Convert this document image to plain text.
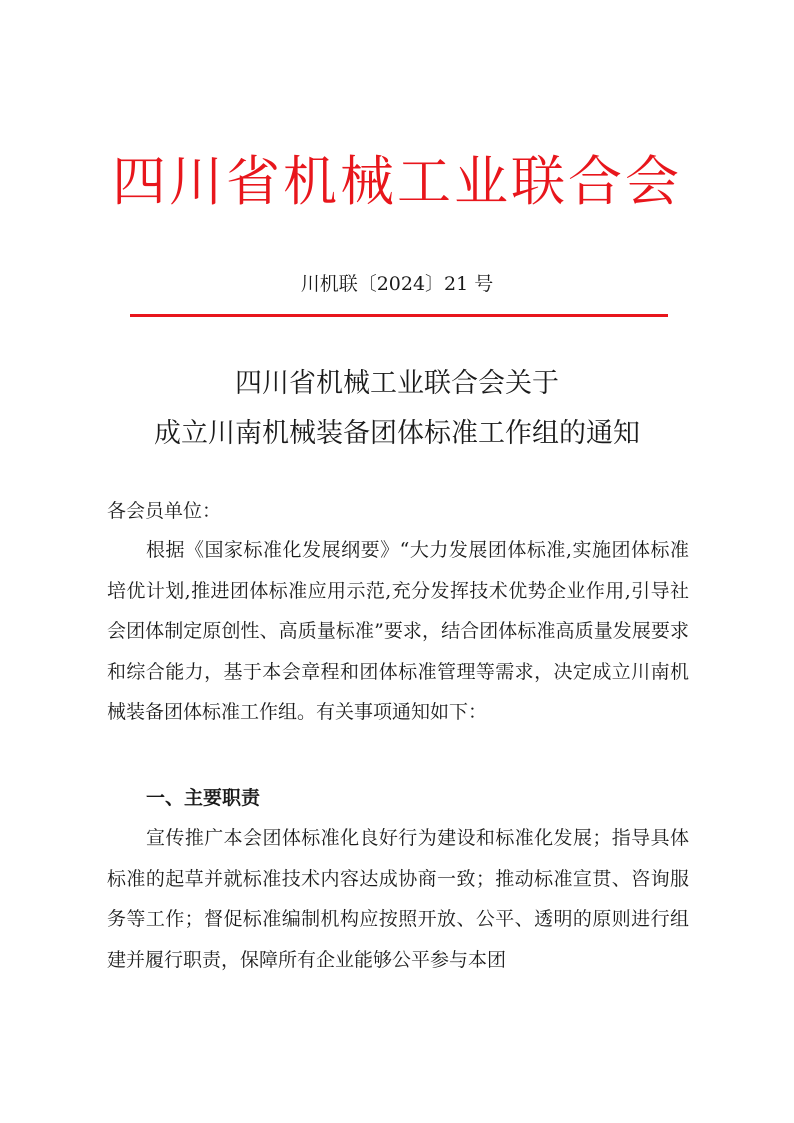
四川省机械工业联合会
川机联〔2024〕21 号
四川省机械工业联合会关于
成立川南机械装备团体标准工作组的通知
各会员单位：
根据《国家标准化发展纲要》“大力发展团体标准,实施团体标准培优计划,推进团体标准应用示范,充分发挥技术优势企业作用,引导社会团体制定原创性、高质量标准”要求，结合团体标准高质量发展要求和综合能力，基于本会章程和团体标准管理等需求，决定成立川南机械装备团体标准工作组。有关事项通知如下：
一、主要职责
宣传推广本会团体标准化良好行为建设和标准化发展；指导具体标准的起草并就标准技术内容达成协商一致；推动标准宣贯、咨询服务等工作；督促标准编制机构应按照开放、公平、透明的原则进行组建并履行职责，保障所有企业能够公平参与本团
